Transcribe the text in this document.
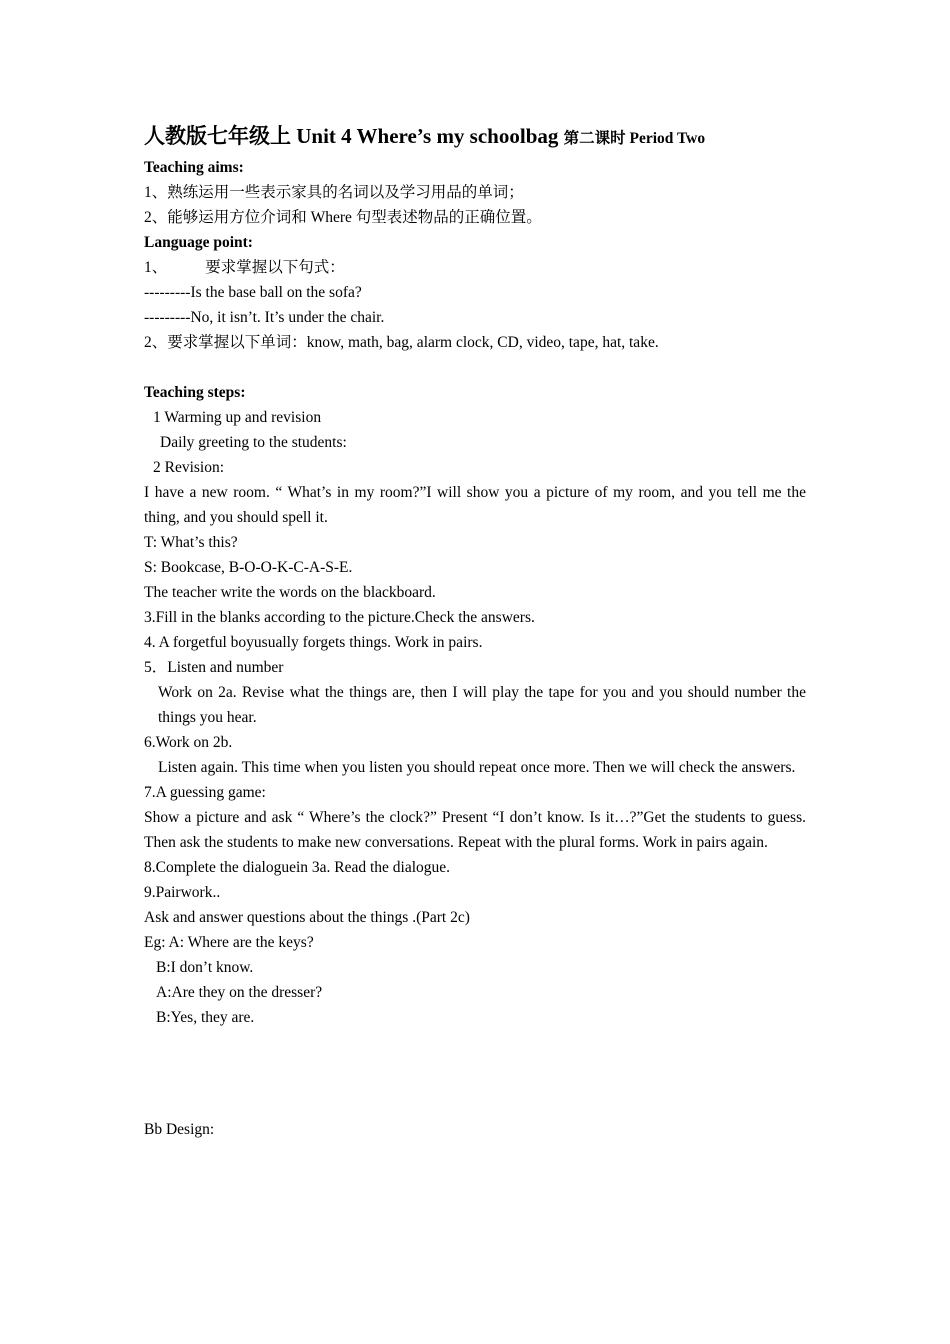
人教版七年级上 Unit 4 Where’s my schoolbag 第二课时 Period Two
Teaching aims:
1、熟练运用一些表示家具的名词以及学习用品的单词；
2、能够运用方位介词和 Where 句型表述物品的正确位置。
Language point:
1、 要求掌握以下句式：
---------Is the base ball on the sofa?
---------No, it isn’t. It’s under the chair.
2、要求掌握以下单词：know, math, bag, alarm clock, CD, video, tape, hat, take.
Teaching steps:
1 Warming up and revision
Daily greeting to the students:
2 Revision:
I have a new room. “ What’s in my room?”I will show you a picture of my room, and you tell me the thing, and you should spell it.
T: What’s this?
S: Bookcase, B-O-O-K-C-A-S-E.
The teacher write the words on the blackboard.
3.Fill in the blanks according to the picture.Check the answers.
4. A forgetful boyusually forgets things. Work in pairs.
5．Listen and number
Work on 2a. Revise what the things are, then I will play the tape for you and you should number the things you hear.
6.Work on 2b.
Listen again. This time when you listen you should repeat once more. Then we will check the answers.
7.A guessing game:
Show a picture and ask “ Where’s the clock?” Present “I don’t know. Is it…?”Get the students to guess. Then ask the students to make new conversations. Repeat with the plural forms. Work in pairs again.
8.Complete the dialoguein 3a. Read the dialogue.
9.Pairwork..
Ask and answer questions about the things .(Part 2c)
Eg: A: Where are the keys?
B:I don’t know.
A:Are they on the dresser?
B:Yes, they are.
Bb Design:
